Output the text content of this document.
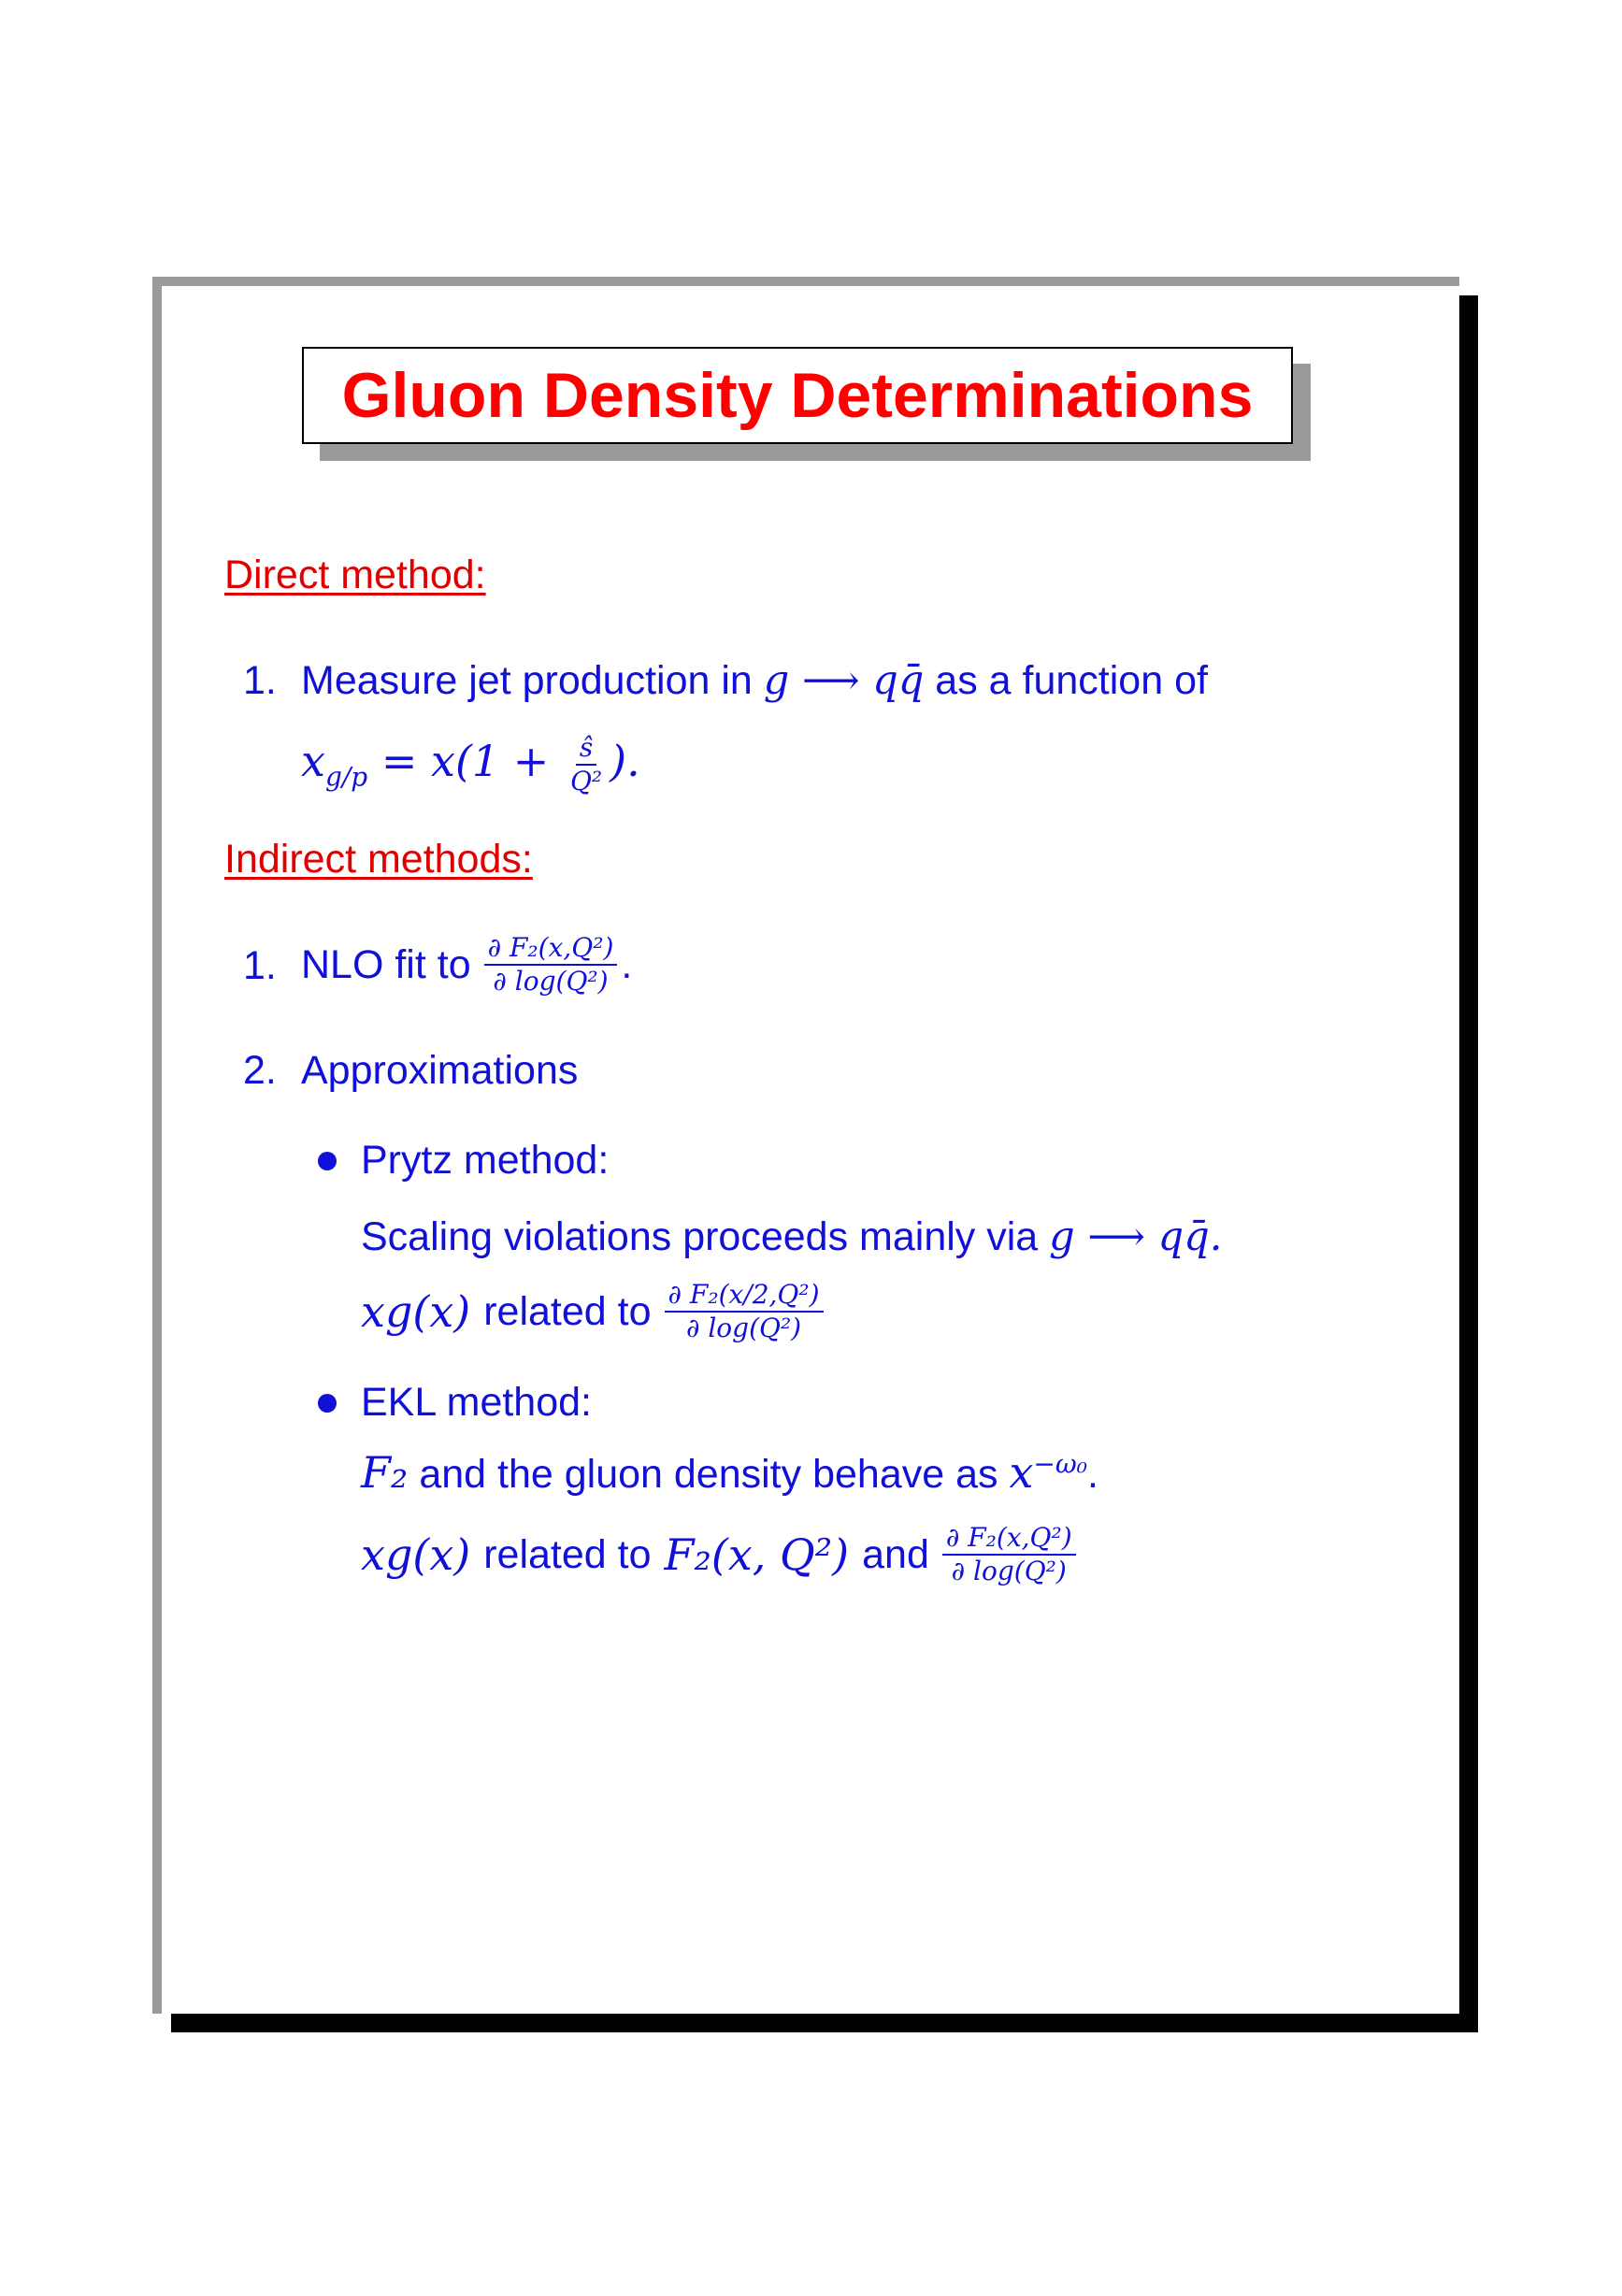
Gluon Density Determinations
Direct method:
1. Measure jet production in g ⟶ qq̄ as a function of
$x_{g/p} = x(1 + \frac{ŝ}{\text{Q²}}$ ).
Indirect methods:
1. NLO fit to $\frac{\text{∂ F₂(x,Q²)}}{\text{∂ log(Q²)}}$ .
2. Approximations
Prytz method:
Scaling violations proceeds mainly via g ⟶ qq̄.
xg(x) related to $\frac{\text{∂ F₂(x/2,Q²)}}{\text{∂ log(Q²)}}$
EKL method:
F₂ and the gluon density behave as $x^{-\omega_0}$.
xg(x) related to F₂(x, Q²) and $\frac{\text{∂ F₂(x,Q²)}}{\text{∂ log(Q²)}}$
